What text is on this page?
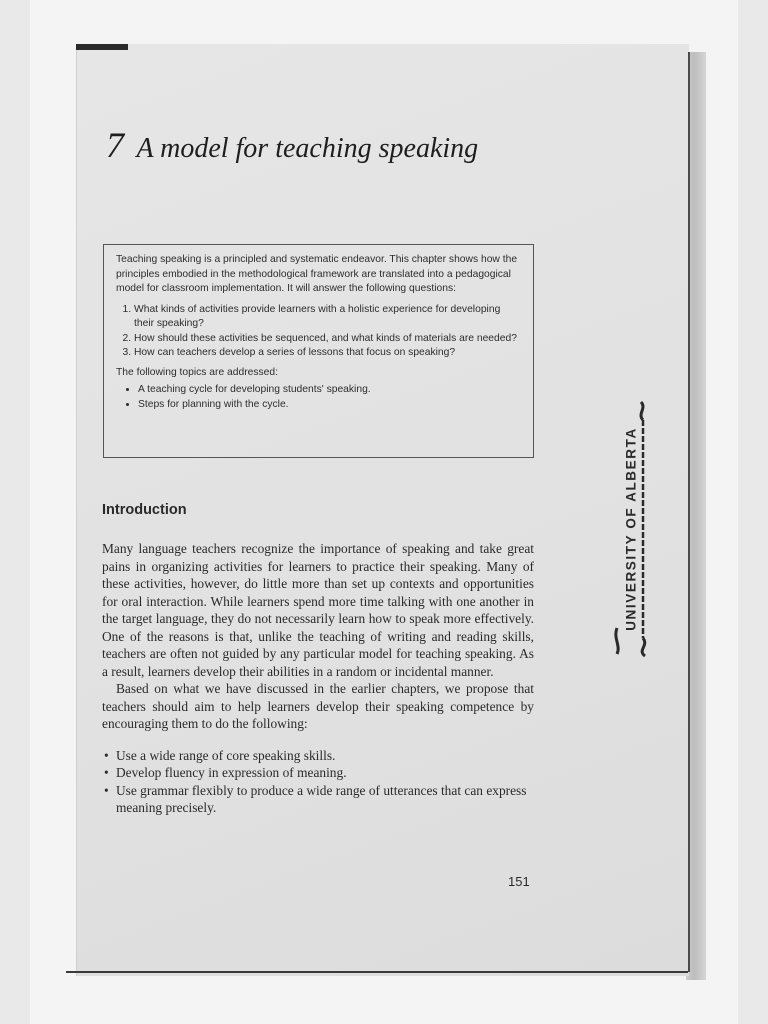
7 A model for teaching speaking

Teaching speaking is a principled and systematic endeavor. This chapter shows how the principles embodied in the methodological framework are translated into a pedagogical model for classroom implementation. It will answer the following questions:

1. What kinds of activities provide learners with a holistic experience for developing their speaking?
2. How should these activities be sequenced, and what kinds of materials are needed?
3. How can teachers develop a series of lessons that focus on speaking?

The following topics are addressed:

• A teaching cycle for developing students' speaking.
• Steps for planning with the cycle.
Introduction

Many language teachers recognize the importance of speaking and take great pains in organizing activities for learners to practice their speaking. Many of these activities, however, do little more than set up contexts and opportunities for oral interaction. While learners spend more time talking with one another in the target language, they do not necessarily learn how to speak more effectively. One of the reasons is that, unlike the teaching of writing and reading skills, teachers are often not guided by any particular model for teaching speaking. As a result, learners develop their abilities in a random or incidental manner.

Based on what we have discussed in the earlier chapters, we propose that teachers should aim to help learners develop their speaking competence by encouraging them to do the following:

• Use a wide range of core speaking skills.
• Develop fluency in expression of meaning.
• Use grammar flexibly to produce a wide range of utterances that can express meaning precisely.
151
UNIVERSITY OF ALBERTA
